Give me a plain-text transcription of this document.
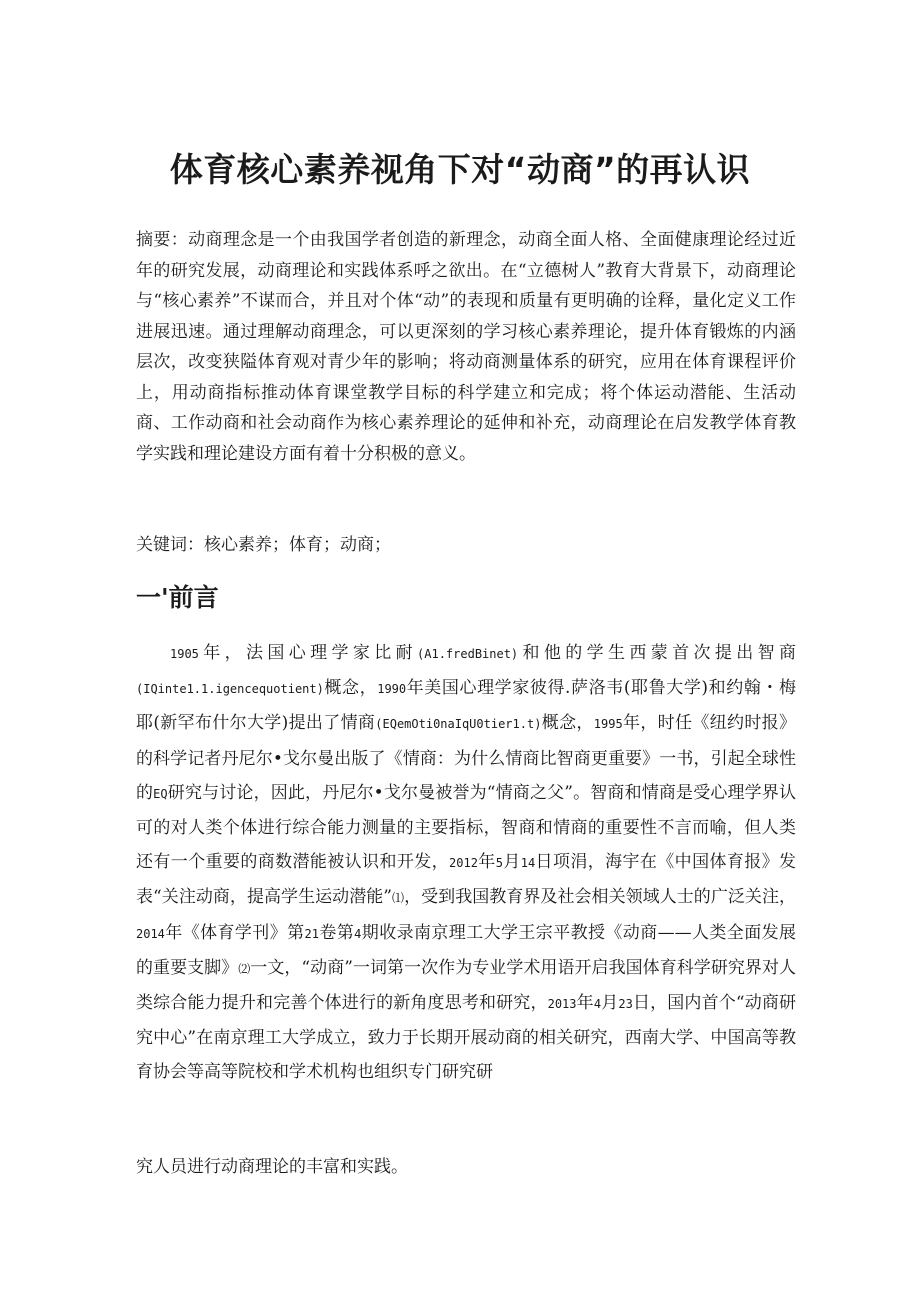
体育核心素养视角下对“动商”的再认识

摘要：动商理念是一个由我国学者创造的新理念，动商全面人格、全面健康理论经过近年的研究发展，动商理论和实践体系呼之欲出。在“立德树人”教育大背景下，动商理论与“核心素养”不谋而合，并且对个体“动”的表现和质量有更明确的诠释，量化定义工作进展迅速。通过理解动商理念，可以更深刻的学习核心素养理论，提升体育锻炼的内涵层次，改变狭隘体育观对青少年的影响；将动商测量体系的研究，应用在体育课程评价上，用动商指标推动体育课堂教学目标的科学建立和完成；将个体运动潜能、生活动商、工作动商和社会动商作为核心素养理论的延伸和补充，动商理论在启发教学体育教学实践和理论建设方面有着十分积极的意义。

关键词：核心素养；体育；动商；

一'前言

1905年，法国心理学家比耐(A1.fredBinet)和他的学生西蒙首次提出智商(IQinte1.1.igencequotient)概念，1990年美国心理学家彼得.萨洛韦(耶鲁大学)和约翰・梅耶(新罕布什尔大学)提出了情商(EQemOti0naIqU0tier1.t)概念，1995年，时任《纽约时报》的科学记者丹尼尔•戈尔曼出版了《情商：为什么情商比智商更重要》一书，引起全球性的EQ研究与讨论，因此，丹尼尔•戈尔曼被誉为“情商之父”。智商和情商是受心理学界认可的对人类个体进行综合能力测量的主要指标，智商和情商的重要性不言而喻，但人类还有一个重要的商数潜能被认识和开发，2012年5月14日项涓，海宇在《中国体育报》发表“关注动商，提高学生运动潜能”⑴，受到我国教育界及社会相关领域人士的广泛关注，2014年《体育学刊》第21卷第4期收录南京理工大学王宗平教授《动商——人类全面发展的重要支脚》⑵一文，“动商”一词第一次作为专业学术用语开启我国体育科学研究界对人类综合能力提升和完善个体进行的新角度思考和研究，2013年4月23日，国内首个“动商研究中心”在南京理工大学成立，致力于长期开展动商的相关研究，西南大学、中国高等教育协会等高等院校和学术机构也组织专门研究研

究人员进行动商理论的丰富和实践。
